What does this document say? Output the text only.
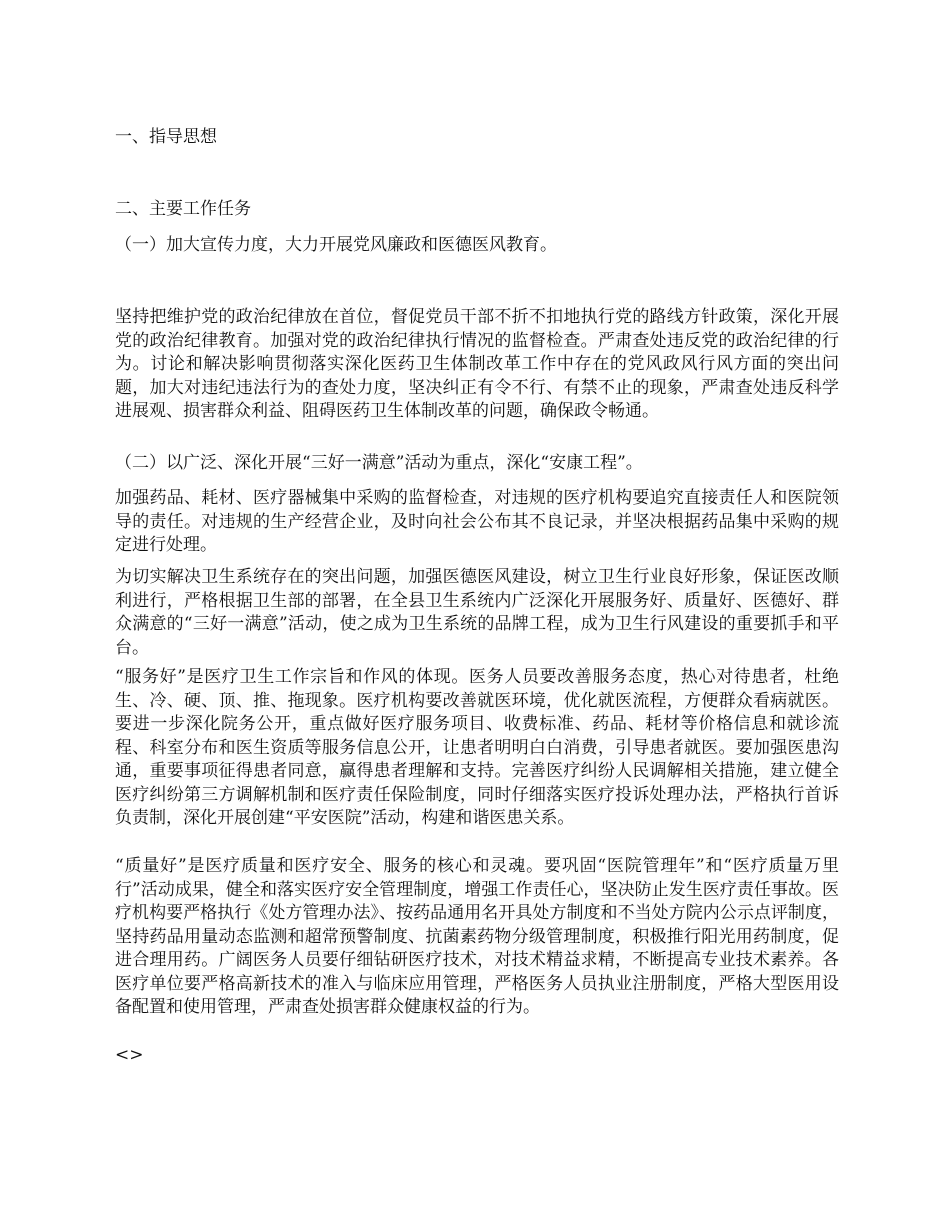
一、指导思想
二、主要工作任务
（一）加大宣传力度，大力开展党风廉政和医德医风教育。

坚持把维护党的政治纪律放在首位，督促党员干部不折不扣地执行党的路线方针政策，深化开展党的政治纪律教育。加强对党的政治纪律执行情况的监督检查。严肃查处违反党的政治纪律的行为。讨论和解决影响贯彻落实深化医药卫生体制改革工作中存在的党风政风行风方面的突出问题，加大对违纪违法行为的查处力度，坚决纠正有令不行、有禁不止的现象，严肃查处违反科学进展观、损害群众利益、阻碍医药卫生体制改革的问题，确保政令畅通。

（二）以广泛、深化开展“三好一满意”活动为重点，深化“安康工程”。

加强药品、耗材、医疗器械集中采购的监督检查，对违规的医疗机构要追究直接责任人和医院领导的责任。对违规的生产经营企业，及时向社会公布其不良记录，并坚决根据药品集中采购的规定进行处理。

为切实解决卫生系统存在的突出问题，加强医德医风建设，树立卫生行业良好形象，保证医改顺利进行，严格根据卫生部的部署，在全县卫生系统内广泛深化开展服务好、质量好、医德好、群众满意的“三好一满意”活动，使之成为卫生系统的品牌工程，成为卫生行风建设的重要抓手和平台。

“服务好”是医疗卫生工作宗旨和作风的体现。医务人员要改善服务态度，热心对待患者，杜绝生、冷、硬、顶、推、拖现象。医疗机构要改善就医环境，优化就医流程，方便群众看病就医。要进一步深化院务公开，重点做好医疗服务项目、收费标准、药品、耗材等价格信息和就诊流程、科室分布和医生资质等服务信息公开，让患者明明白白消费，引导患者就医。要加强医患沟通，重要事项征得患者同意，赢得患者理解和支持。完善医疗纠纷人民调解相关措施，建立健全医疗纠纷第三方调解机制和医疗责任保险制度，同时仔细落实医疗投诉处理办法，严格执行首诉负责制，深化开展创建“平安医院”活动，构建和谐医患关系。

“质量好”是医疗质量和医疗安全、服务的核心和灵魂。要巩固“医院管理年”和“医疗质量万里行”活动成果，健全和落实医疗安全管理制度，增强工作责任心，坚决防止发生医疗责任事故。医疗机构要严格执行《处方管理办法》、按药品通用名开具处方制度和不当处方院内公示点评制度，坚持药品用量动态监测和超常预警制度、抗菌素药物分级管理制度，积极推行阳光用药制度，促进合理用药。广阔医务人员要仔细钻研医疗技术，对技术精益求精，不断提高专业技术素养。各医疗单位要严格高新技术的准入与临床应用管理，严格医务人员执业注册制度，严格大型医用设备配置和使用管理，严肃查处损害群众健康权益的行为。

<>
